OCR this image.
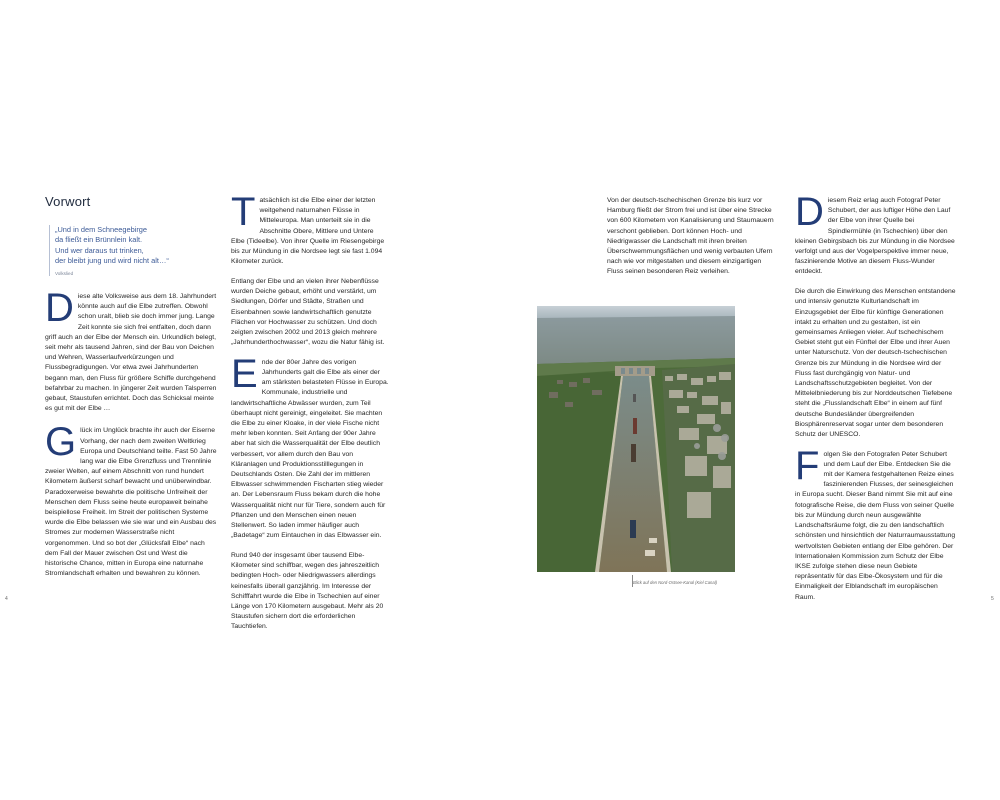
Vorwort
„Und in dem Schneegebirge
da fließt ein Brünnlein kalt.
Und wer daraus tut trinken,
der bleibt jung und wird nicht alt…“
Volkslied

Diese alte Volksweise aus dem 18. Jahrhundert könnte auch auf die Elbe zutreffen. Obwohl schon uralt, blieb sie doch immer jung. Lange Zeit konnte sie sich frei entfalten, doch dann griff auch an der Elbe der Mensch ein. Urkundlich belegt, seit mehr als tausend Jahren, sind der Bau von Deichen und Wehren, Wasserlaufverkürzungen und Flussbegradigungen. Vor etwa zwei Jahrhunderten begann man, den Fluss für größere Schiffe durchgehend befahrbar zu machen. In jüngerer Zeit wurden Talsperren gebaut, Staustufen errichtet. Doch das Schicksal meinte es gut mit der Elbe …

Glück im Unglück brachte ihr auch der Eiserne Vorhang, der nach dem zweiten Weltkrieg Europa und Deutschland teilte. Fast 50 Jahre lang war die Elbe Grenzfluss und Trennlinie zweier Welten, auf einem Abschnitt von rund hundert Kilometern äußerst scharf bewacht und unüberwindbar. Paradoxerweise bewahrte die politische Unfreiheit der Menschen dem Fluss seine heute europaweit beinahe beispiellose Freiheit. Im Streit der politischen Systeme wurde die Elbe belassen wie sie war und ein Ausbau des Stromes zur modernen Wasserstraße nicht vorgenommen. Und so bot der „Glücksfall Elbe“ nach dem Fall der Mauer zwischen Ost und West die historische Chance, mitten in Europa eine naturnahe Stromlandschaft erhalten und bewahren zu können.

Tatsächlich ist die Elbe einer der letzten weitgehend naturnahen Flüsse in Mitteleuropa. Man unterteilt sie in die Abschnitte Obere, Mittlere und Untere Elbe (Tideelbe). Von ihrer Quelle im Riesengebirge bis zur Mündung in die Nordsee legt sie fast 1.094 Kilometer zurück.

Entlang der Elbe und an vielen ihrer Nebenflüsse wurden Deiche gebaut, erhöht und verstärkt, um Siedlungen, Dörfer und Städte, Straßen und Eisenbahnen sowie landwirtschaftlich genutzte Flächen vor Hochwasser zu schützen. Und doch zeigten zwischen 2002 und 2013 gleich mehrere „Jahrhunderthochwasser“, wozu die Natur fähig ist.

Ende der 80er Jahre des vorigen Jahrhunderts galt die Elbe als einer der am stärksten belasteten Flüsse in Europa. Kommunale, industrielle und landwirtschaftliche Abwässer wurden, zum Teil überhaupt nicht gereinigt, eingeleitet. Sie machten die Elbe zu einer Kloake, in der viele Fische nicht mehr leben konnten. Seit Anfang der 90er Jahre aber hat sich die Wasserqualität der Elbe deutlich verbessert, vor allem durch den Bau von Kläranlagen und Produktionsstilllegungen in Deutschlands Osten. Die Zahl der im mittleren Elbwasser schwimmenden Fischarten stieg wieder an. Der Lebensraum Fluss bekam durch die hohe Wasserqualität nicht nur für Tiere, sondern auch für Pflanzen und den Menschen einen neuen Stellenwert. So laden immer häufiger auch „Badetage“ zum Eintauchen in das Elbwasser ein.

Rund 940 der insgesamt über tausend Elbe-Kilometer sind schiffbar, wegen des jahreszeitlich bedingten Hoch- oder Niedrigwassers allerdings keinesfalls überall ganzjährig. Im Interesse der Schifffahrt wurde die Elbe in Tschechien auf einer Länge von 170 Kilometern ausgebaut. Mehr als 20 Staustufen sichern dort die erforderlichen Tauchtiefen.

4

Von der deutsch-tschechischen Grenze bis kurz vor Hamburg fließt der Strom frei und ist über eine Strecke von 600 Kilometern von Kanalisierung und Staumauern verschont geblieben. Dort können Hoch- und Niedrigwasser die Landschaft mit ihren breiten Überschwemmungsflächen und wenig verbauten Ufern nach wie vor mitgestalten und diesem einzigartigen Fluss seinen besonderen Reiz verleihen.

Blick auf den Nord-Ostsee-Kanal (Kiel Canal)

Diesem Reiz erlag auch Fotograf Peter Schubert, der aus luftiger Höhe den Lauf der Elbe von ihrer Quelle bei Spindlermühle (in Tschechien) über den kleinen Gebirgsbach bis zur Mündung in die Nordsee verfolgt und aus der Vogelperspektive immer neue, faszinierende Motive an diesem Fluss-Wunder entdeckt.

Die durch die Einwirkung des Menschen entstandene und intensiv genutzte Kulturlandschaft im Einzugsgebiet der Elbe für künftige Generationen intakt zu erhalten und zu gestalten, ist ein gemeinsames Anliegen vieler. Auf tschechischem Gebiet steht gut ein Fünftel der Elbe und ihrer Auen unter Naturschutz. Von der deutsch-tschechischen Grenze bis zur Mündung in die Nordsee wird der Fluss fast durchgängig von Natur- und Landschaftsschutzgebieten begleitet. Von der Mittelelbniederung bis zur Norddeutschen Tiefebene steht die „Flusslandschaft Elbe“ in einem auf fünf deutsche Bundesländer übergreifenden Biosphärenreservat sogar unter dem besonderen Schutz der UNESCO.

Folgen Sie den Fotografen Peter Schubert und dem Lauf der Elbe. Entdecken Sie die mit der Kamera festgehaltenen Reize eines faszinierenden Flusses, der seinesgleichen in Europa sucht. Dieser Band nimmt Sie mit auf eine fotografische Reise, die dem Fluss von seiner Quelle bis zur Mündung durch neun ausgewählte Landschaftsräume folgt, die zu den landschaftlich schönsten und hinsichtlich der Naturraumausstattung wertvollsten Gebieten entlang der Elbe gehören. Der Internationalen Kommission zum Schutz der Elbe IKSE zufolge stehen diese neun Gebiete repräsentativ für das Elbe-Ökosystem und für die Einmaligkeit der Elblandschaft im europäischen Raum.	5
